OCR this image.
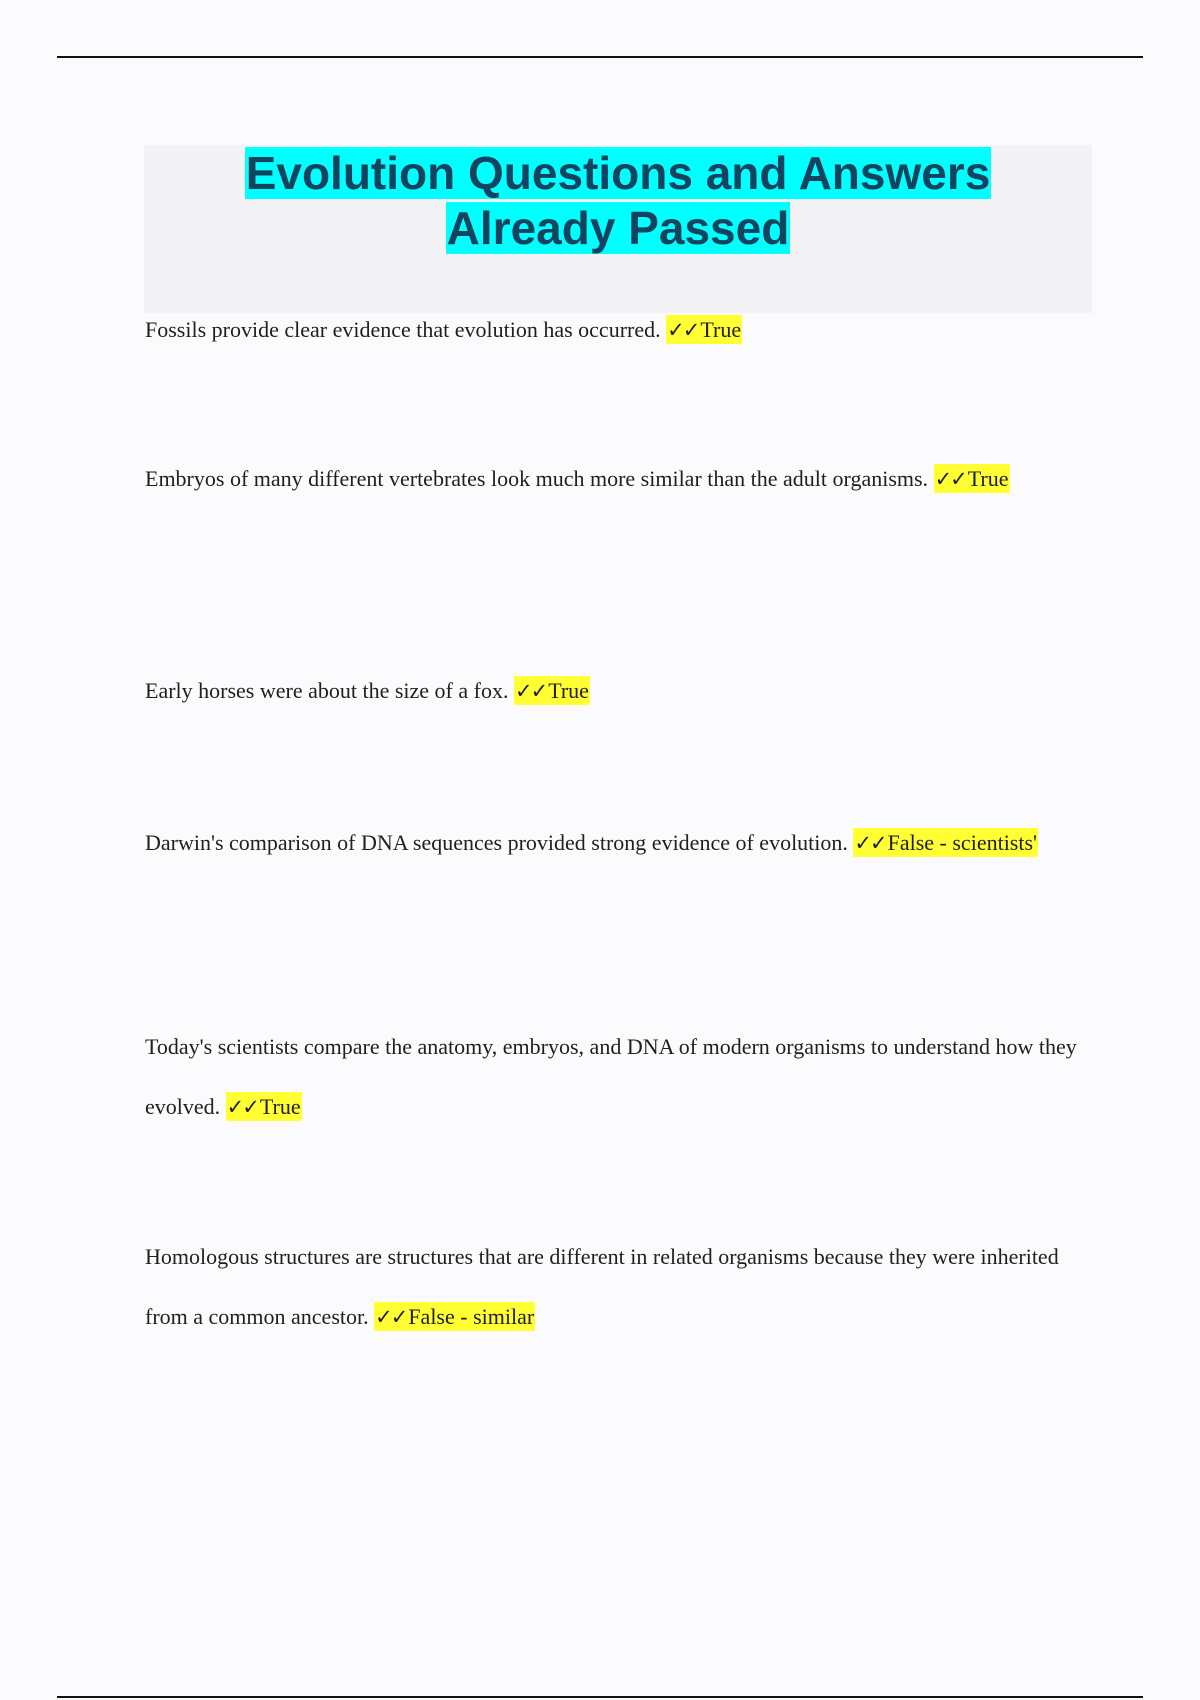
Evolution Questions and Answers
Already Passed
Fossils provide clear evidence that evolution has occurred. ✓✓True
Embryos of many different vertebrates look much more similar than the adult organisms. ✓✓True
Early horses were about the size of a fox. ✓✓True
Darwin's comparison of DNA sequences provided strong evidence of evolution. ✓✓False - scientists'
Today's scientists compare the anatomy, embryos, and DNA of modern organisms to understand how they evolved. ✓✓True
Homologous structures are structures that are different in related organisms because they were inherited from a common ancestor. ✓✓False - similar
